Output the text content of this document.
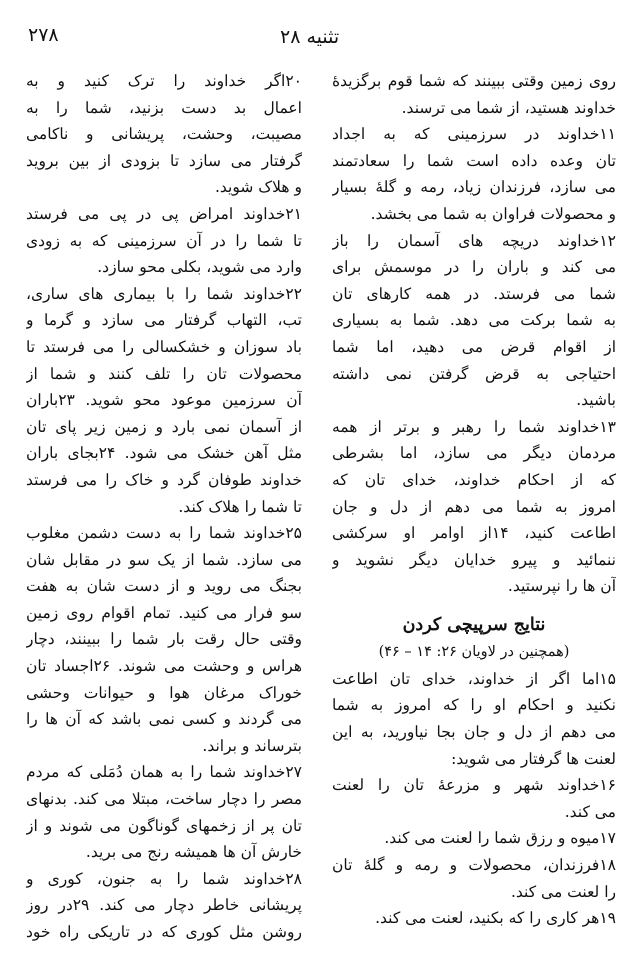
۲۷۸	تثنیه ۲۸
روی زمین وقتی ببینند که شما قوم برگزیدهٔ
خداوند هستید، از شما می ترسند.
۱۱خداوند در سرزمینی که به اجداد
تان وعده داده است شما را سعادتمند
می سازد، فرزندان زیاد، رمه و گلهٔ بسیار
و محصولات فراوان به شما می بخشد.
۱۲خداوند دریچه های آسمان را باز
می کند و باران را در موسمش برای
شما می فرستد. در همه کارهای تان
به شما برکت می دهد. شما به بسیاری
از اقوام قرض می دهید، اما شما
احتیاجی به قرض گرفتن نمی داشته
باشید.
۱۳خداوند شما را رهبر و برتر از همه
مردمان دیگر می سازد، اما بشرطی
که از احکام خداوند، خدای تان که
امروز به شما می دهم از دل و جان
اطاعت کنید، ۱۴از اوامر او سرکشی
ننمائید و پیرو خدایان دیگر نشوید و
آن ها را نپرستید.
نتایج سرپیچی کردن
(همچنین در لاویان ۲۶: ۱۴ – ۴۶)
۱۵اما اگر از خداوند، خدای تان اطاعت
نکنید و احکام او را که امروز به شما
می دهم از دل و جان بجا نیاورید، به این
لعنت ها گرفتار می شوید:
۱۶خداوند شهر و مزرعهٔ تان را لعنت
می کند.
۱۷میوه و رزق شما را لعنت می کند.
۱۸فرزندان، محصولات و رمه و گلهٔ تان
را لعنت می کند.
۱۹هر کاری را که بکنید، لعنت می کند.
۲۰اگر خداوند را ترک کنید و به
اعمال بد دست بزنید، شما را به
مصیبت، وحشت، پریشانی و ناکامی
گرفتار می سازد تا بزودی از بین بروید
و هلاک شوید.
۲۱خداوند امراض پی در پی می فرستد
تا شما را در آن سرزمینی که به زودی
وارد می شوید، بکلی محو سازد.
۲۲خداوند شما را با بیماری های ساری،
تب، التهاب گرفتار می سازد و گرما و
باد سوزان و خشکسالی را می فرستد تا
محصولات تان را تلف کنند و شما از
آن سرزمین موعود محو شوید. ۲۳باران
از آسمان نمی بارد و زمین زیر پای تان
مثل آهن خشک می شود. ۲۴بجای باران
خداوند طوفان گرد و خاک را می فرستد
تا شما را هلاک کند.
۲۵خداوند شما را به دست دشمن مغلوب
می سازد. شما از یک سو در مقابل شان
بجنگ می روید و از دست شان به هفت
سو فرار می کنید. تمام اقوام روی زمین
وقتی حال رقت بار شما را ببینند، دچار
هراس و وحشت می شوند. ۲۶اجساد تان
خوراک مرغان هوا و حیوانات وحشی
می گردند و کسی نمی باشد که آن ها را
بترساند و براند.
۲۷خداوند شما را به همان دُمَلی که مردم
مصر را دچار ساخت، مبتلا می کند. بدنهای
تان پر از زخمهای گوناگون می شوند و از
خارش آن ها همیشه رنج می برید.
۲۸خداوند شما را به جنون، کوری و
پریشانی خاطر دچار می کند. ۲۹در روز
روشن مثل کوری که در تاریکی راه خود
